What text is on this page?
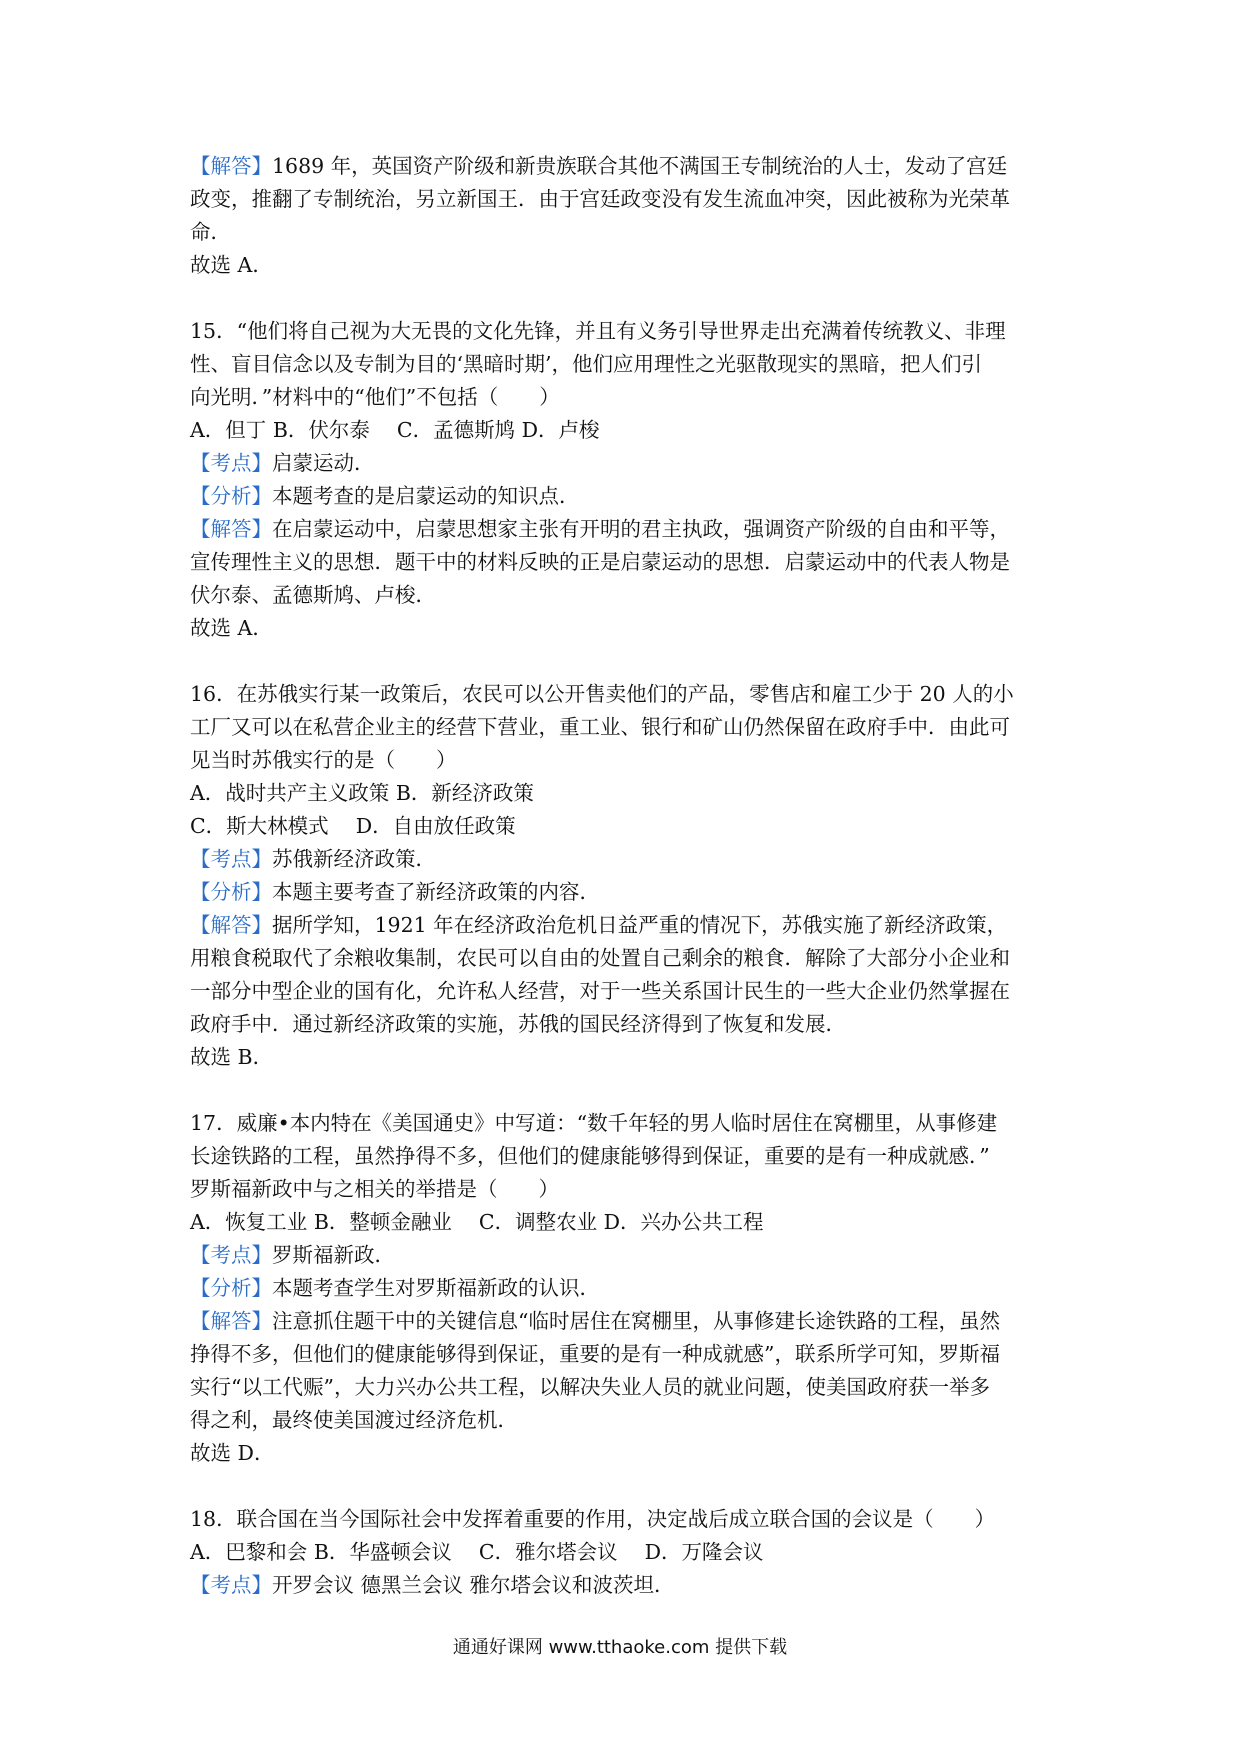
【解答】1689 年，英国资产阶级和新贵族联合其他不满国王专制统治的人士，发动了宫廷
政变，推翻了专制统治，另立新国王．由于宫廷政变没有发生流血冲突，因此被称为光荣革
命．
故选 A．
15．“他们将自己视为大无畏的文化先锋，并且有义务引导世界走出充满着传统教义、非理
性、盲目信念以及专制为目的‘黑暗时期’，他们应用理性之光驱散现实的黑暗，把人们引
向光明．”材料中的“他们”不包括（　　）
A．但丁 B．伏尔泰　 C．孟德斯鸠 D．卢梭
【考点】启蒙运动．
【分析】本题考查的是启蒙运动的知识点．
【解答】在启蒙运动中，启蒙思想家主张有开明的君主执政，强调资产阶级的自由和平等，
宣传理性主义的思想．题干中的材料反映的正是启蒙运动的思想．启蒙运动中的代表人物是
伏尔泰、孟德斯鸠、卢梭．
故选 A．
16．在苏俄实行某一政策后，农民可以公开售卖他们的产品，零售店和雇工少于 20 人的小
工厂又可以在私营企业主的经营下营业，重工业、银行和矿山仍然保留在政府手中．由此可
见当时苏俄实行的是（　　）
A．战时共产主义政策 B．新经济政策
C．斯大林模式　 D．自由放任政策
【考点】苏俄新经济政策．
【分析】本题主要考查了新经济政策的内容．
【解答】据所学知，1921 年在经济政治危机日益严重的情况下，苏俄实施了新经济政策，
用粮食税取代了余粮收集制，农民可以自由的处置自己剩余的粮食．解除了大部分小企业和
一部分中型企业的国有化，允许私人经营，对于一些关系国计民生的一些大企业仍然掌握在
政府手中．通过新经济政策的实施，苏俄的国民经济得到了恢复和发展．
故选 B．
17．威廉•本内特在《美国通史》中写道：“数千年轻的男人临时居住在窝棚里，从事修建
长途铁路的工程，虽然挣得不多，但他们的健康能够得到保证，重要的是有一种成就感．”
罗斯福新政中与之相关的举措是（　　）
A．恢复工业 B．整顿金融业　 C．调整农业 D．兴办公共工程
【考点】罗斯福新政．
【分析】本题考查学生对罗斯福新政的认识．
【解答】注意抓住题干中的关键信息“临时居住在窝棚里，从事修建长途铁路的工程，虽然
挣得不多，但他们的健康能够得到保证，重要的是有一种成就感”，联系所学可知，罗斯福
实行“以工代赈”，大力兴办公共工程，以解决失业人员的就业问题，使美国政府获一举多
得之利，最终使美国渡过经济危机．
故选 D．
18．联合国在当今国际社会中发挥着重要的作用，决定战后成立联合国的会议是（　　）
A．巴黎和会 B．华盛顿会议　 C．雅尔塔会议　 D．万隆会议
【考点】开罗会议 德黑兰会议 雅尔塔会议和波茨坦．
通通好课网 www.tthaoke.com 提供下载
